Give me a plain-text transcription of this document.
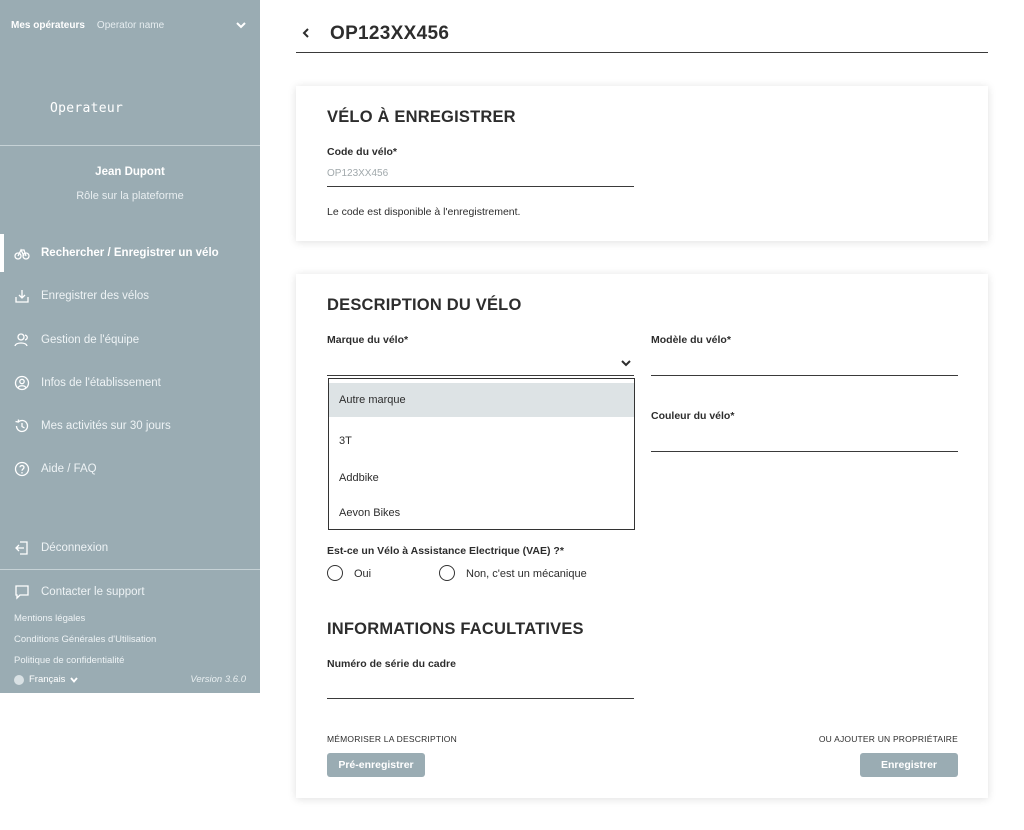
Mes opérateurs Operator name
Operateur
Jean Dupont
Rôle sur la plateforme
Rechercher / Enregistrer un vélo
Enregistrer des vélos
Gestion de l'équipe
Infos de l'établissement
Mes activités sur 30 jours
Aide / FAQ
Déconnexion
Contacter le support
Mentions légales
Conditions Générales d'Utilisation
Politique de confidentialité
Français	Version 3.6.0
OP123XX456
VÉLO À ENREGISTRER
Code du vélo*
OP123XX456
Le code est disponible à l'enregistrement.
DESCRIPTION DU VÉLO
Marque du vélo*	Modèle du vélo*
Couleur du vélo*
Autre marque
3T
Addbike
Aevon Bikes
Est-ce un Vélo à Assistance Electrique (VAE) ?*
Oui	Non, c'est un mécanique
INFORMATIONS FACULTATIVES
Numéro de série du cadre
MÉMORISER LA DESCRIPTION
Pré-enregistrer
OU AJOUTER UN PROPRIÉTAIRE
Enregistrer
